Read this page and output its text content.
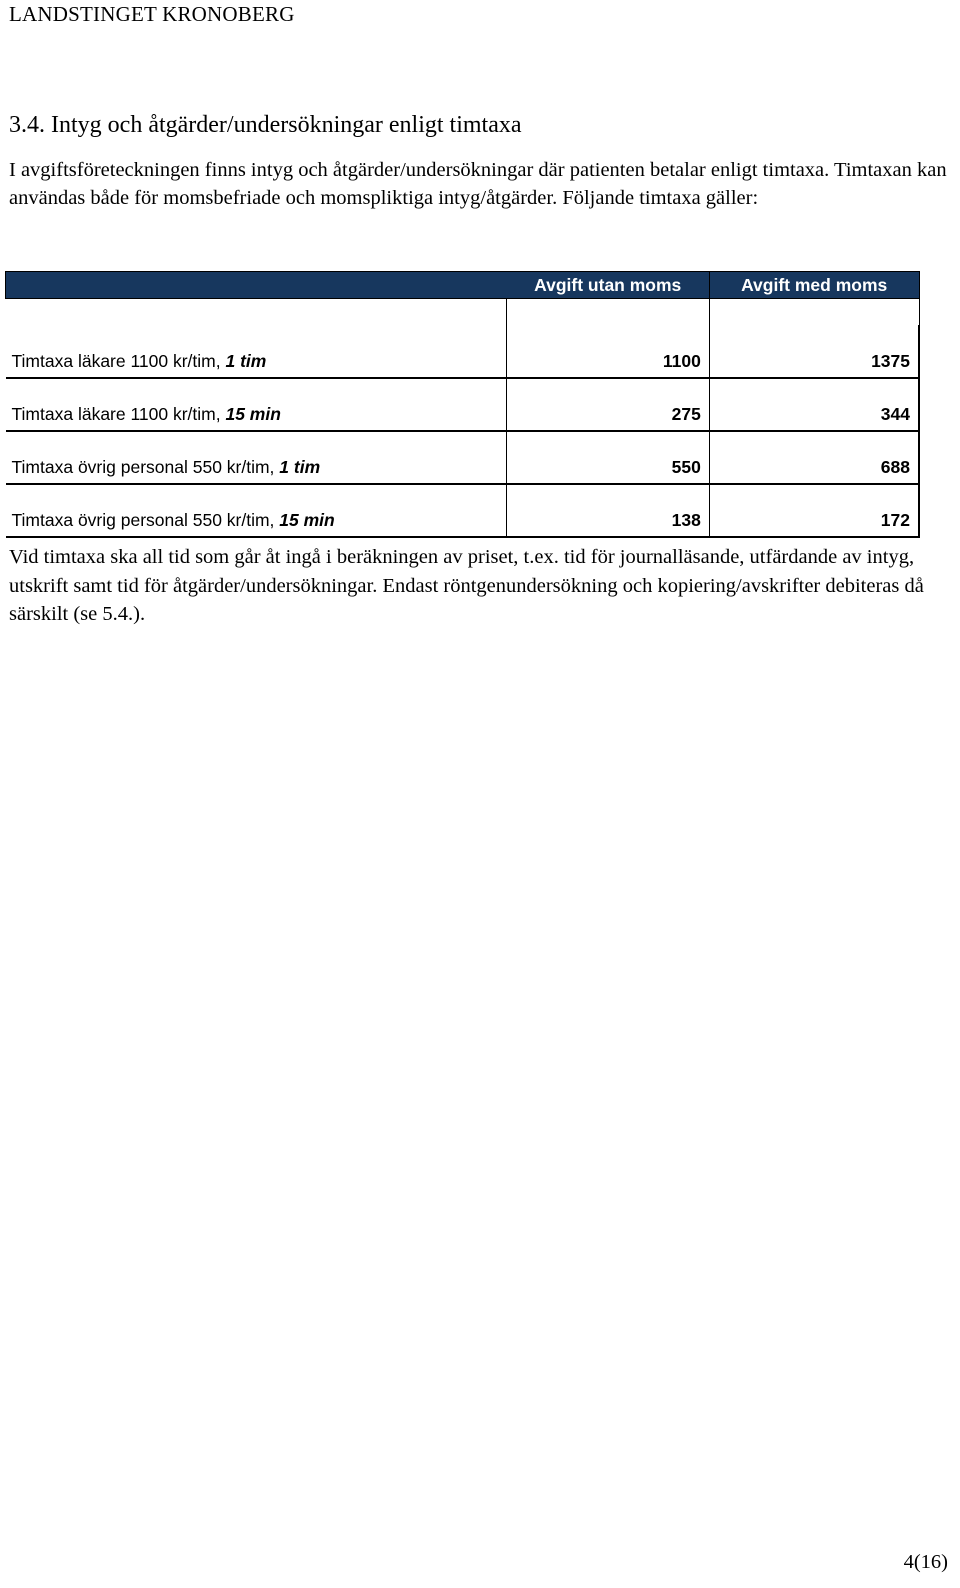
LANDSTINGET KRONOBERG
3.4. Intyg och åtgärder/undersökningar enligt timtaxa

I avgiftsföreteckningen finns intyg och åtgärder/undersökningar där patienten betalar enligt timtaxa. Timtaxan kan användas både för momsbefriade och momspliktiga intyg/åtgärder. Följande timtaxa gäller:

	Avgift utan moms	Avgift med moms

Timtaxa läkare 1100 kr/tim, 1 tim	1100	1375
Timtaxa läkare 1100 kr/tim, 15 min	275	344
Timtaxa övrig personal 550 kr/tim, 1 tim	550	688
Timtaxa övrig personal 550 kr/tim, 15 min	138	172

Vid timtaxa ska all tid som går åt ingå i beräkningen av priset, t.ex. tid för journalläsande, utfärdande av intyg, utskrift samt tid för åtgärder/undersökningar. Endast röntgenundersökning och kopiering/avskrifter debiteras då särskilt (se 5.4.).

4(16)
